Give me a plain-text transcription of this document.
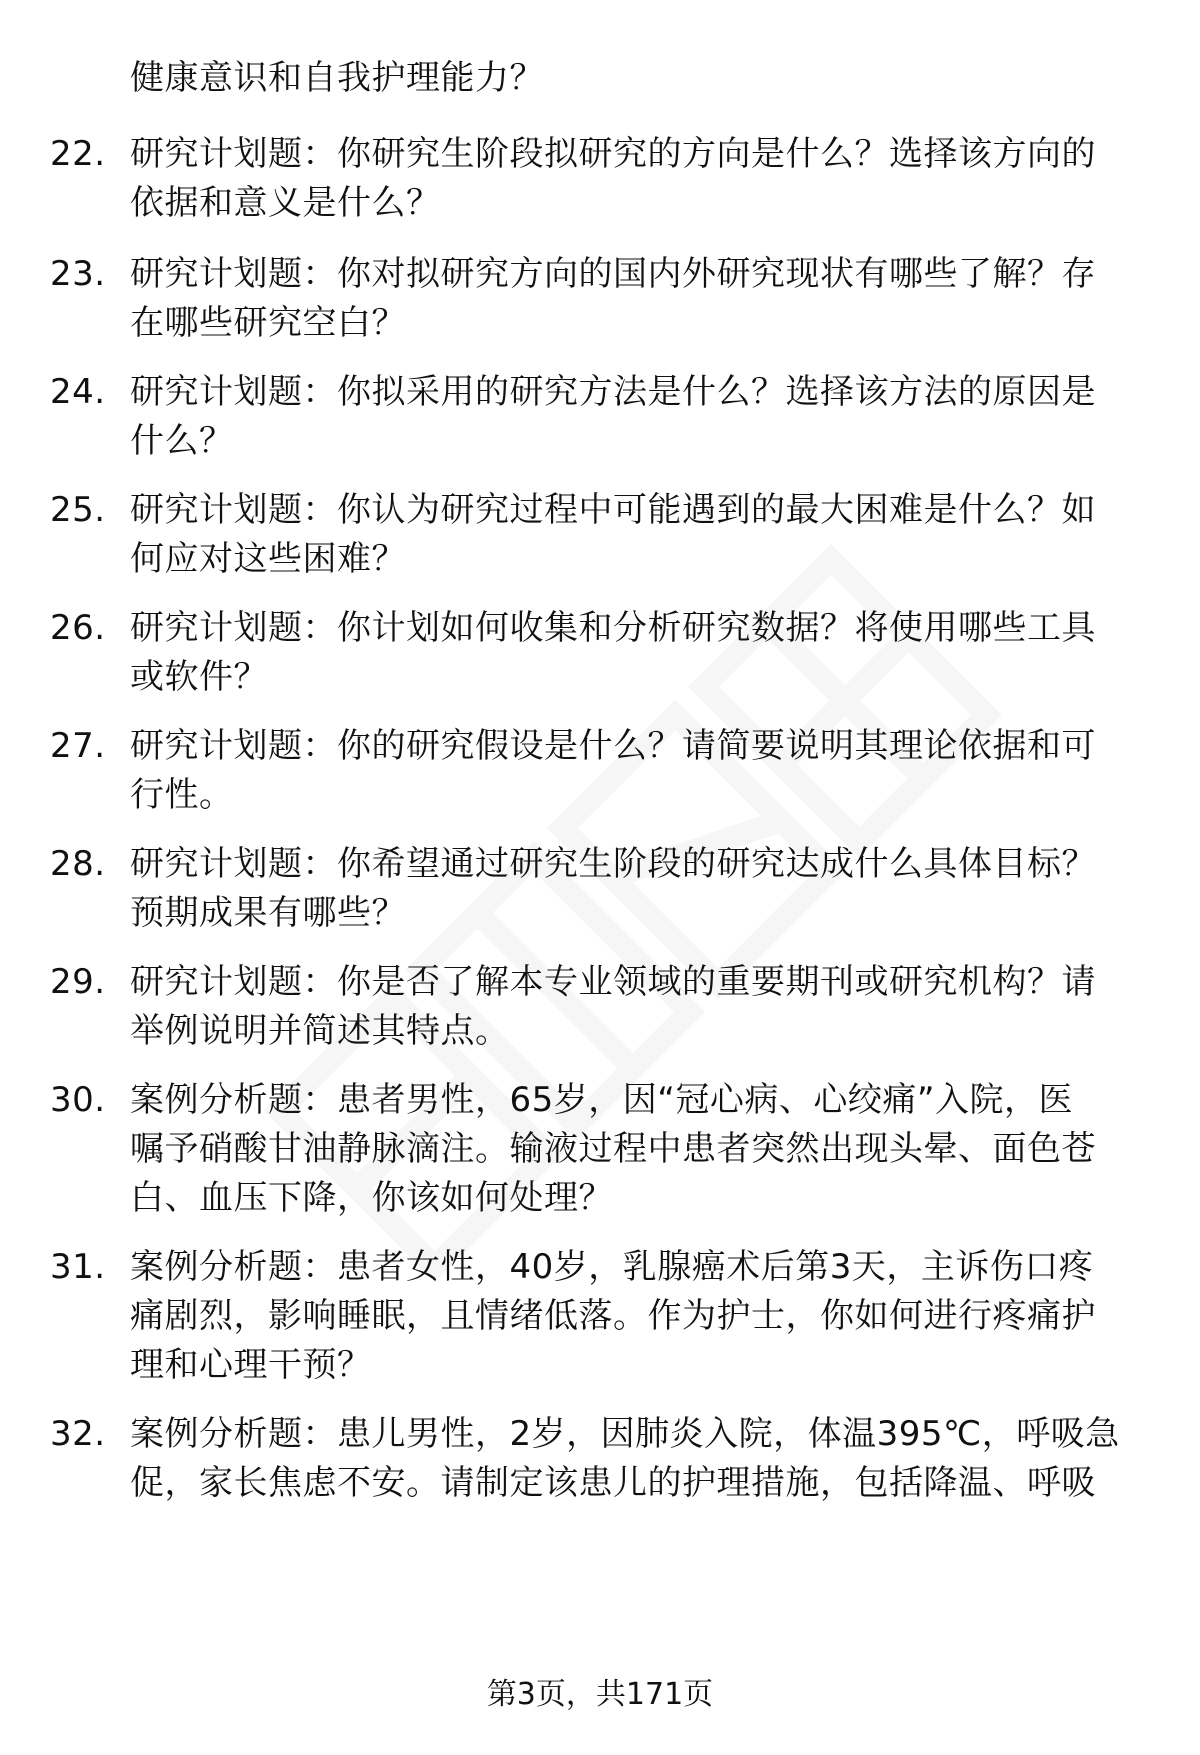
健康意识和自我护理能力？
22. 研究计划题：你研究生阶段拟研究的方向是什么？选择该方向的
依据和意义是什么？
23. 研究计划题：你对拟研究方向的国内外研究现状有哪些了解？存
在哪些研究空白？
24. 研究计划题：你拟采用的研究方法是什么？选择该方法的原因是
什么？
25. 研究计划题：你认为研究过程中可能遇到的最大困难是什么？如
何应对这些困难？
26. 研究计划题：你计划如何收集和分析研究数据？将使用哪些工具
或软件？
27. 研究计划题：你的研究假设是什么？请简要说明其理论依据和可
行性。
28. 研究计划题：你希望通过研究生阶段的研究达成什么具体目标？
预期成果有哪些？
29. 研究计划题：你是否了解本专业领域的重要期刊或研究机构？请
举例说明并简述其特点。
30. 案例分析题：患者男性，65岁，因“冠心病、心绞痛”入院，医
嘱予硝酸甘油静脉滴注。输液过程中患者突然出现头晕、面色苍
白、血压下降，你该如何处理？
31. 案例分析题：患者女性，40岁，乳腺癌术后第3天，主诉伤口疼
痛剧烈，影响睡眠，且情绪低落。作为护士，你如何进行疼痛护
理和心理干预？
32. 案例分析题：患儿男性，2岁，因肺炎入院，体温395℃，呼吸急
促，家长焦虑不安。请制定该患儿的护理措施，包括降温、呼吸
第3页，共171页
